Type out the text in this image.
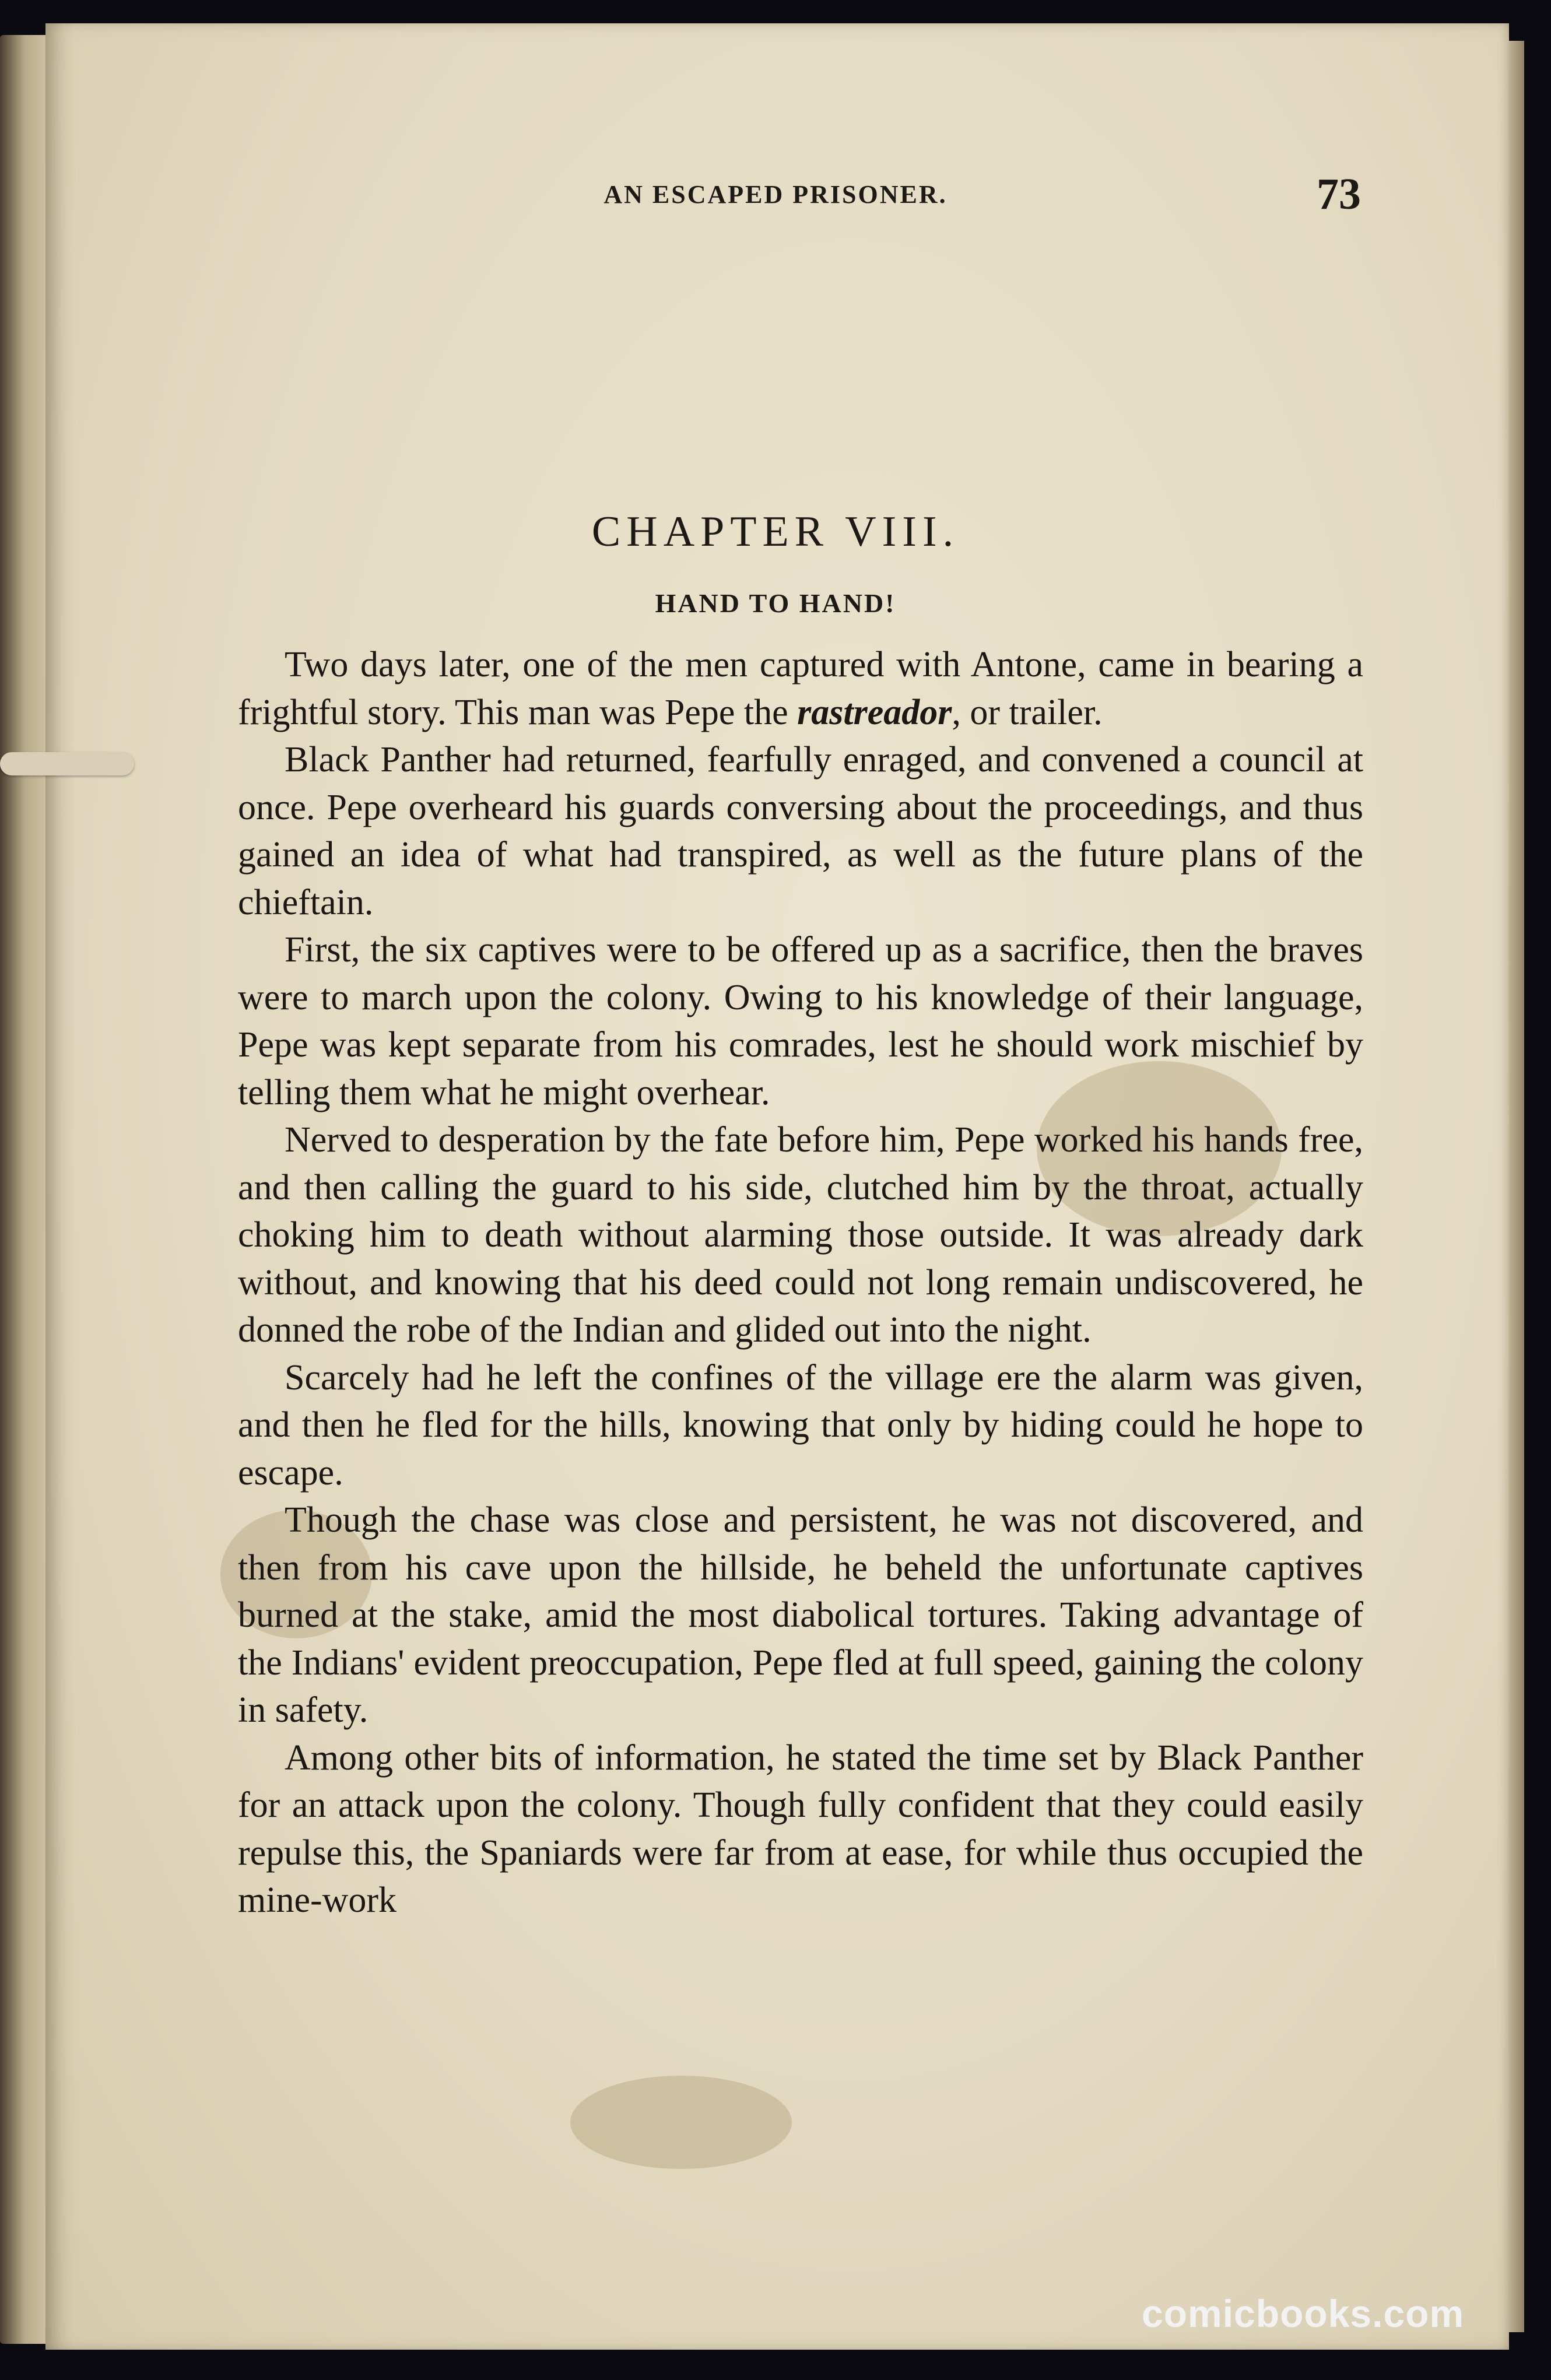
AN ESCAPED PRISONER.	73
CHAPTER VIII.
HAND TO HAND!

Two days later, one of the men captured with Antone, came in bearing a frightful story. This man was Pepe the rastreador, or trailer.

Black Panther had returned, fearfully enraged, and convened a council at once. Pepe overheard his guards conversing about the proceedings, and thus gained an idea of what had transpired, as well as the future plans of the chieftain.

First, the six captives were to be offered up as a sacrifice, then the braves were to march upon the colony. Owing to his knowledge of their language, Pepe was kept separate from his comrades, lest he should work mischief by telling them what he might overhear.

Nerved to desperation by the fate before him, Pepe worked his hands free, and then calling the guard to his side, clutched him by the throat, actually choking him to death without alarming those outside. It was already dark without, and knowing that his deed could not long remain undiscovered, he donned the robe of the Indian and glided out into the night.

Scarcely had he left the confines of the village ere the alarm was given, and then he fled for the hills, knowing that only by hiding could he hope to escape.

Though the chase was close and persistent, he was not discovered, and then from his cave upon the hillside, he beheld the unfortunate captives burned at the stake, amid the most diabolical tortures. Taking advantage of the Indians' evident preoccupation, Pepe fled at full speed, gaining the colony in safety.

Among other bits of information, he stated the time set by Black Panther for an attack upon the colony. Though fully confident that they could easily repulse this, the Spaniards were far from at ease, for while thus occupied the mine-work

comicbooks.com
